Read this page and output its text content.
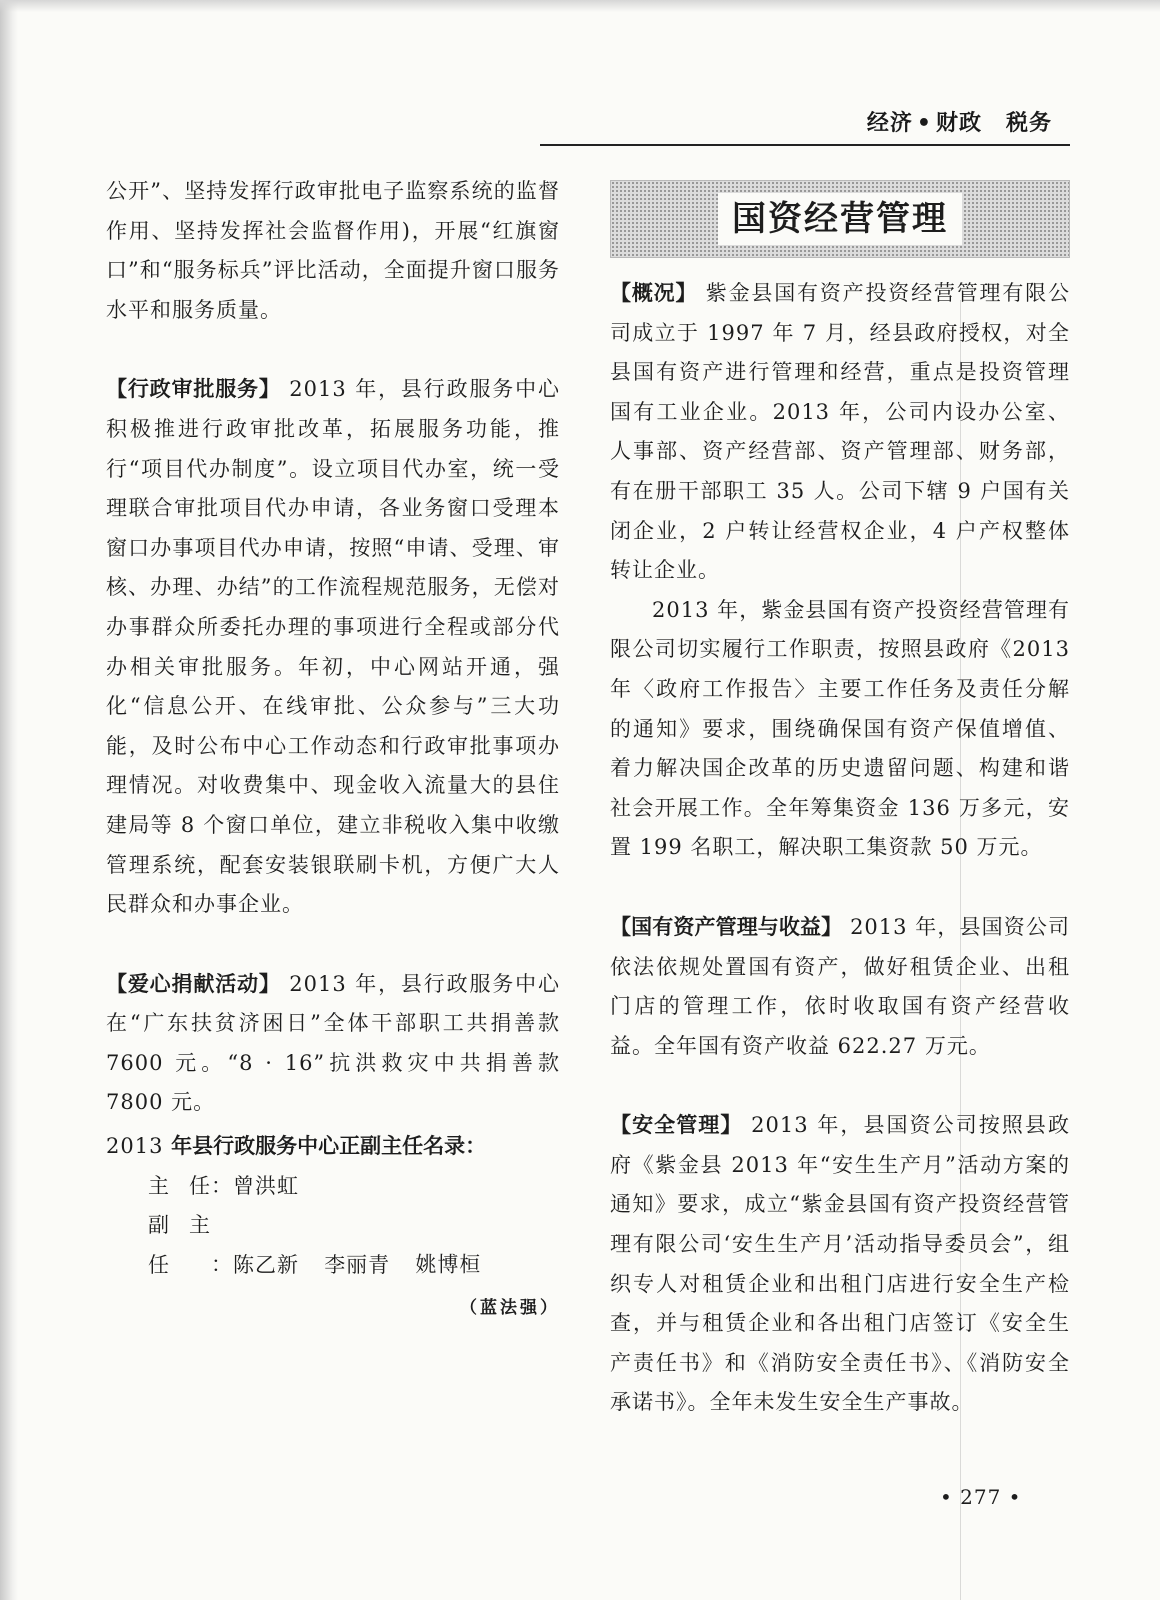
经济 • 财政 税务

公开”、坚持发挥行政审批电子监察系统的监督作用、坚持发挥社会监督作用)，开展“红旗窗口”和“服务标兵”评比活动，全面提升窗口服务水平和服务质量。

【行政审批服务】 2013 年，县行政服务中心积极推进行政审批改革，拓展服务功能，推行“项目代办制度”。设立项目代办室，统一受理联合审批项目代办申请，各业务窗口受理本窗口办事项目代办申请，按照“申请、受理、审核、办理、办结”的工作流程规范服务，无偿对办事群众所委托办理的事项进行全程或部分代办相关审批服务。年初，中心网站开通，强化“信息公开、在线审批、公众参与”三大功能，及时公布中心工作动态和行政审批事项办理情况。对收费集中、现金收入流量大的县住建局等 8 个窗口单位，建立非税收入集中收缴管理系统，配套安装银联刷卡机，方便广大人民群众和办事企业。

【爱心捐献活动】 2013 年，县行政服务中心在“广东扶贫济困日”全体干部职工共捐善款 7600 元。“8 · 16”抗洪救灾中共捐善款 7800 元。

2013 年县行政服务中心正副主任名录：

主任：曾洪虹

副主任 ：陈乙新 李丽青 姚博桓

（蓝法强）

国资经营管理

【概况】 紫金县国有资产投资经营管理有限公司成立于 1997 年 7 月，经县政府授权，对全县国有资产进行管理和经营，重点是投资管理国有工业企业。2013 年，公司内设办公室、人事部、资产经营部、资产管理部、财务部，有在册干部职工 35 人。公司下辖 9 户国有关闭企业，2 户转让经营权企业，4 户产权整体转让企业。

2013 年，紫金县国有资产投资经营管理有限公司切实履行工作职责，按照县政府《2013 年〈政府工作报告〉主要工作任务及责任分解的通知》要求，围绕确保国有资产保值增值、着力解决国企改革的历史遗留问题、构建和谐社会开展工作。全年筹集资金 136 万多元，安置 199 名职工，解决职工集资款 50 万元。

【国有资产管理与收益】 2013 年，县国资公司依法依规处置国有资产，做好租赁企业、出租门店的管理工作，依时收取国有资产经营收益。全年国有资产收益 622.27 万元。

【安全管理】 2013 年，县国资公司按照县政府《紫金县 2013 年“安生生产月”活动方案的通知》要求，成立“紫金县国有资产投资经营管理有限公司‘安生生产月’活动指导委员会”，组织专人对租赁企业和出租门店进行安全生产检查，并与租赁企业和各出租门店签订《安全生产责任书》和《消防安全责任书》、《消防安全承诺书》。全年未发生安全生产事故。

• 277 •
